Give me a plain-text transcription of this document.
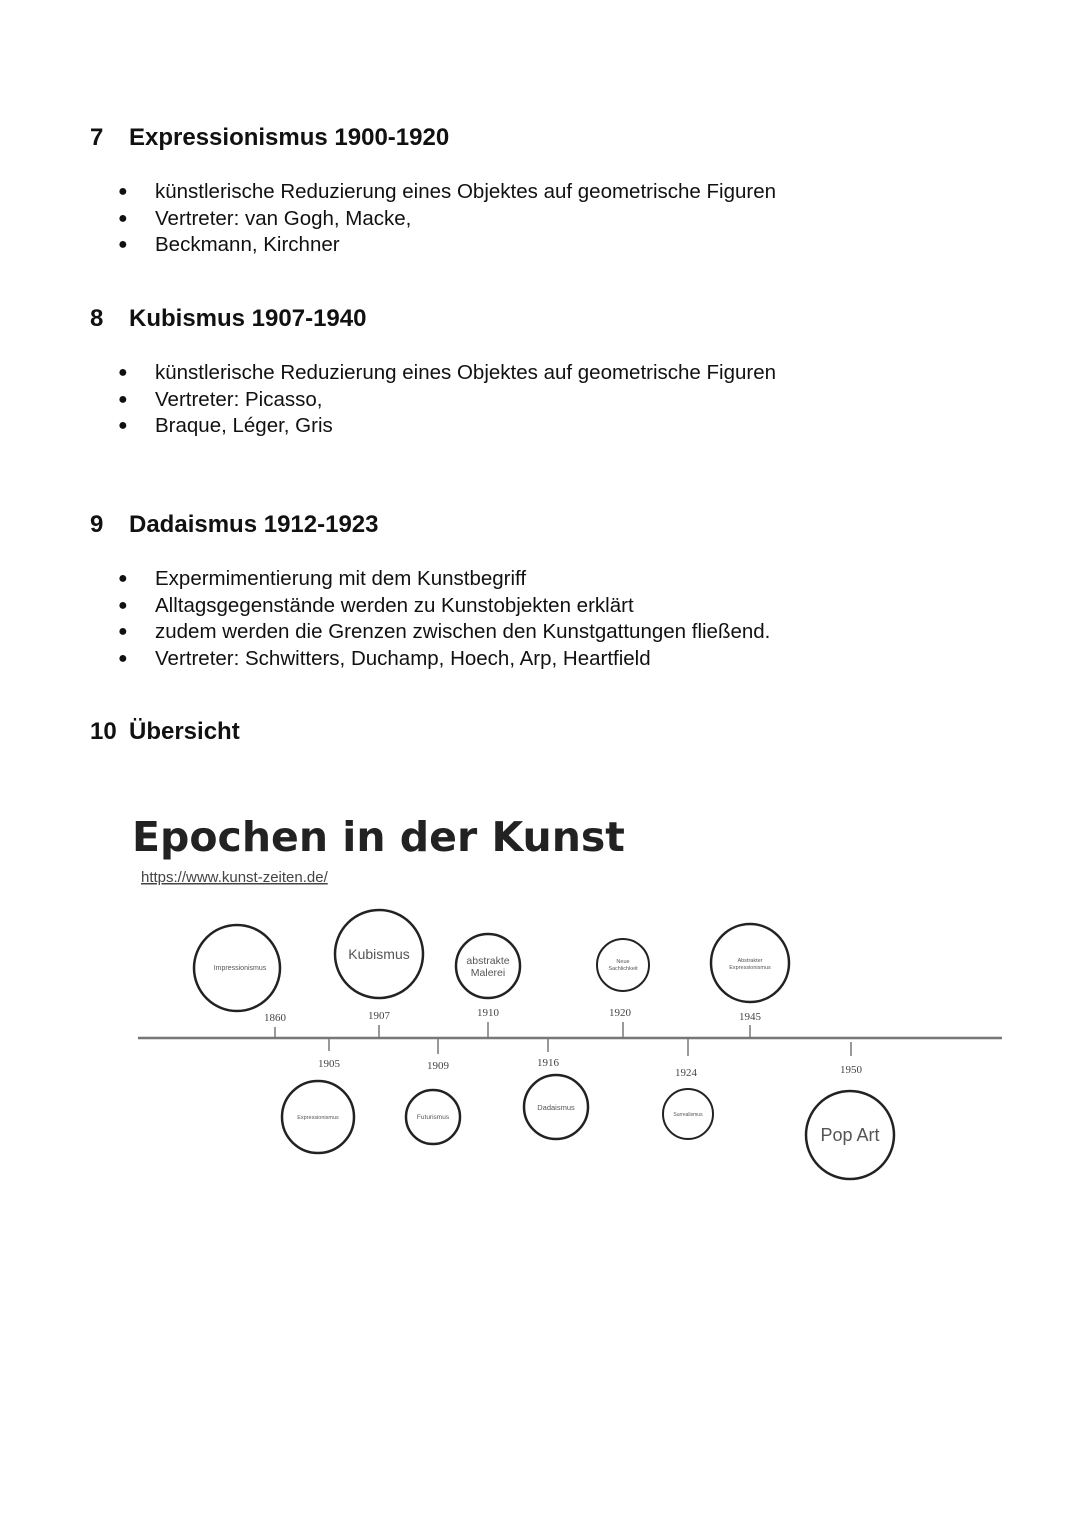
7	Expressionismus 1900-1920
●	künstlerische Reduzierung eines Objektes auf geometrische Figuren
●	Vertreter: van Gogh, Macke,
●	Beckmann, Kirchner
8	Kubismus 1907-1940
●	künstlerische Reduzierung eines Objektes auf geometrische Figuren
●	Vertreter: Picasso,
●	Braque, Léger, Gris
9	Dadaismus 1912-1923
●	Expermimentierung mit dem Kunstbegriff
●	Alltagsgegenstände werden zu Kunstobjekten erklärt
●	zudem werden die Grenzen zwischen den Kunstgattungen fließend.
●	Vertreter: Schwitters, Duchamp, Hoech, Arp, Heartfield
10 Übersicht
Epochen in der Kunst
https://www.kunst-zeiten.de/
Impressionismus
1860
Kubismus
1907
abstrakte Malerei
1910
Neue Sachlichkeit
1920
Abstrakter Expressionismus
1945
1905
Expressionismus
1909
Futurismus
1916
Dadaismus
1924
Surrealismus
1950
Pop Art
